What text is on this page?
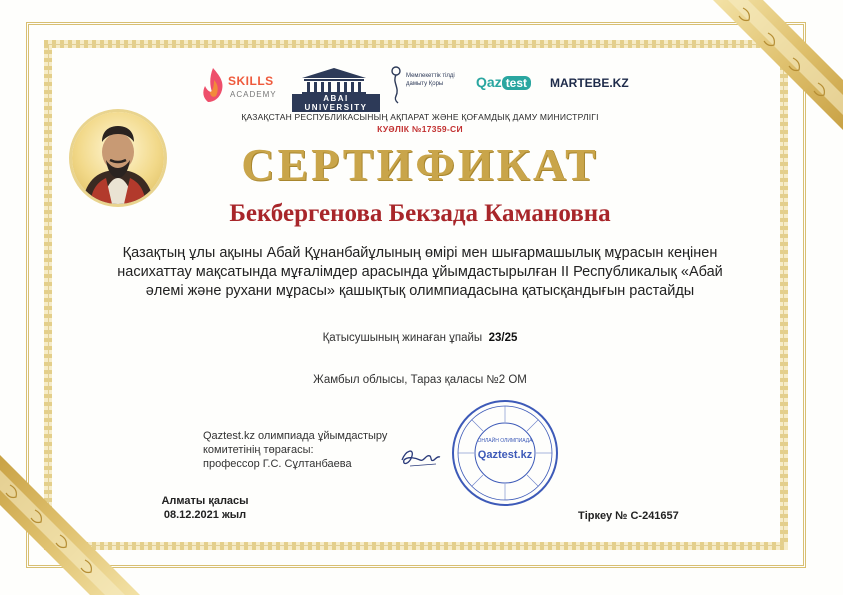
SKILLS
ACADEMY	ABAI UNIVERSITY
Мемлекеттік тілді дамыту Қоры	Qaz test	MARTEBE.KZ
ҚАЗАҚСТАН РЕСПУБЛИКАСЫНЫҢ АҚПАРАТ ЖӘНЕ ҚОҒАМДЫҚ ДАМУ МИНИСТРЛІГІ
КУӘЛІК №17359-СИ
СЕРТИФИКАТ
Бекбергенова Бекзада Камановна
Қазақтың ұлы ақыны Абай Құнанбайұлының өмірі мен шығармашылық мұрасын кеңінен насихаттау мақсатында мұғалімдер арасында ұйымдастырылған ІІ Республикалық «Абай әлемі және рухани мұрасы» қашықтық олимпиадасына қатысқандығын растайды
Қатысушының жинаған ұпайы 23/25
Жамбыл облысы, Тараз қаласы №2 ОМ
Qaztest.kz олимпиада ұйымдастыру
комитетінің төрағасы:
профессор Г.С. Сұлтанбаева
ОНЛАЙН ОЛИМПИАДА
Qaztest.kz
Алматы қаласы
08.12.2021 жыл	Тіркеу № С-241657
